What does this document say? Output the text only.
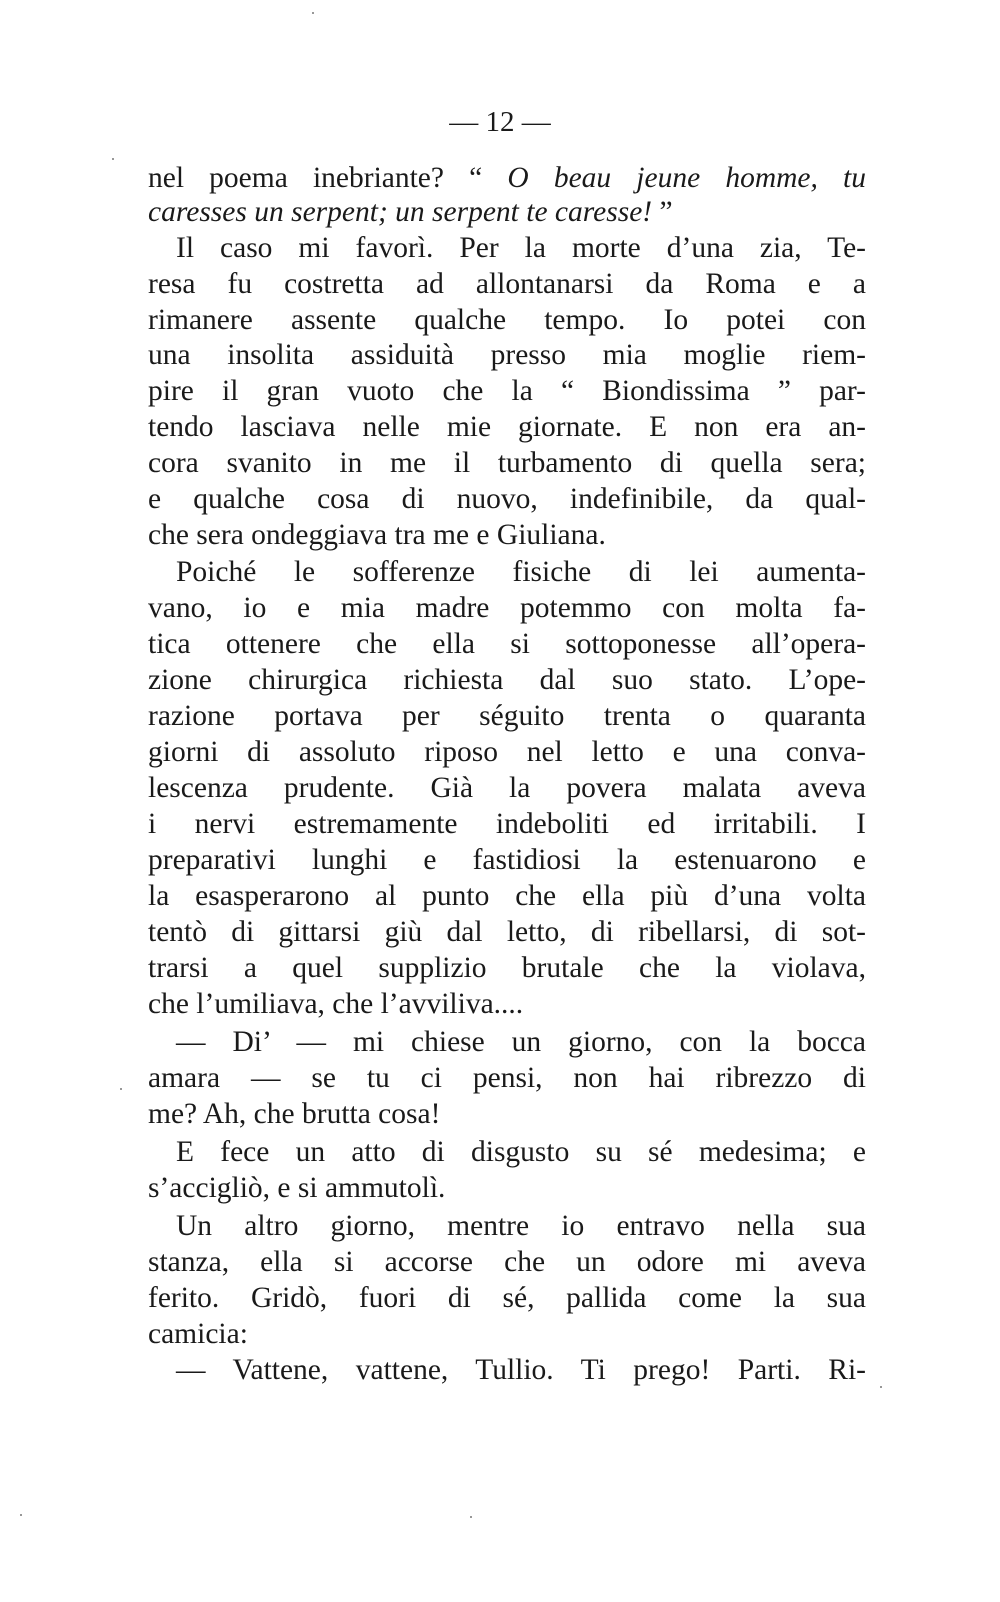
— 12 —
nel poema inebriante? “ O beau jeune homme, tu
caresses un serpent; un serpent te caresse! ”
Il caso mi favorì. Per la morte d’una zia, Te-
resa fu costretta ad allontanarsi da Roma e a
rimanere assente qualche tempo. Io potei con
una insolita assiduità presso mia moglie riem-
pire il gran vuoto che la “ Biondissima ” par-
tendo lasciava nelle mie giornate. E non era an-
cora svanito in me il turbamento di quella sera;
e qualche cosa di nuovo, indefinibile, da qual-
che sera ondeggiava tra me e Giuliana.
Poiché le sofferenze fisiche di lei aumenta-
vano, io e mia madre potemmo con molta fa-
tica ottenere che ella si sottoponesse all’opera-
zione chirurgica richiesta dal suo stato. L’ope-
razione portava per séguito trenta o quaranta
giorni di assoluto riposo nel letto e una conva-
lescenza prudente. Già la povera malata aveva
i nervi estremamente indeboliti ed irritabili. I
preparativi lunghi e fastidiosi la estenuarono e
la esasperarono al punto che ella più d’una volta
tentò di gittarsi giù dal letto, di ribellarsi, di sot-
trarsi a quel supplizio brutale che la violava,
che l’umiliava, che l’avviliva....
— Di’ — mi chiese un giorno, con la bocca
amara — se tu ci pensi, non hai ribrezzo di
me? Ah, che brutta cosa!
E fece un atto di disgusto su sé medesima; e
s’accigliò, e si ammutolì.
Un altro giorno, mentre io entravo nella sua
stanza, ella si accorse che un odore mi aveva
ferito. Gridò, fuori di sé, pallida come la sua
camicia:
— Vattene, vattene, Tullio. Ti prego! Parti. Ri-
